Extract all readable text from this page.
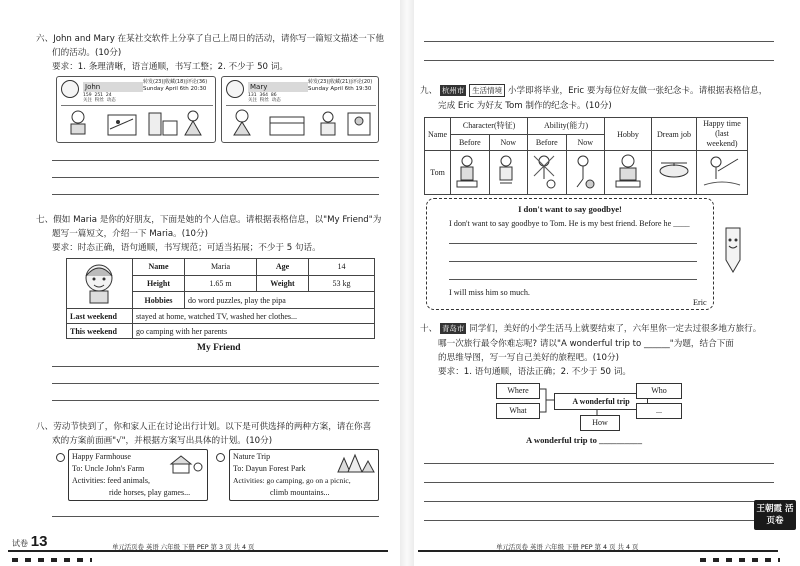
六、John and Mary 在某社交软件上分享了自己上周日的活动，请你写一篇短文描述一下他
们的活动。(10分)
要求：1. 条理清晰，语言通顺，书写工整；2. 不少于 50 词。
John
转发(23)|收藏(18)|评论(36)
Sunday April 6th 20:30
159  251  24
关注  粉丝  动态
Mary
转发(23)|收藏(21)|评论(20)
Sunday April 6th 19:30
131  364  86
关注  粉丝  动态
七、假如 Maria 是你的好朋友，下面是她的个人信息。请根据表格信息，以"My Friend"为
题写一篇短文，介绍一下 Maria。(10分)
要求：时态正确，语句通顺，书写规范；可适当拓展；不少于 5 句话。
	Name	Maria	Age	14
	Height	1.65 m	Weight	53 kg
	Hobbies	do word puzzles, play the pipa		
Last weekend	stayed at home, watched TV, washed her clothes...			
This weekend	go camping with her parents			
My Friend
八、劳动节快到了，你和家人正在讨论出行计划。以下是可供选择的两种方案，请在你喜
欢的方案前面画"√"，并根据方案写出具体的计划。(10分)
Happy Farmhouse
To: Uncle John's Farm
Activities: feed animals,
ride horses, play games...
Nature Trip
To: Dayun Forest Park
Activities: go camping, go on a picnic,
climb mountains...
试卷 13	单元活页卷 英语 六年级 下册 PEP 第 3 页 共 4 页
九、 杭州市 生活情境 小学即将毕业，Eric 要为每位好友做一张纪念卡。请根据表格信息，
完成 Eric 为好友 Tom 制作的纪念卡。(10分)
Name	Character(特征)		Ability(能力)		Hobby	Dream job	Happy time
(last weekend)

	Before	Now	Before	Now			
Tom							
I don't want to say goodbye!
I don't want to say goodbye to Tom. He is my best friend. Before he ____
I will miss him so much.
Eric
十、 青岛市 同学们，美好的小学生活马上就要结束了，六年里你一定去过很多地方旅行。
哪一次旅行最令你难忘呢? 请以"A wonderful trip to ______"为题，结合下面
的思维导图，写一写自己美好的旅程吧。(10分)
要求：1. 语句通顺，语法正确；2. 不少于 50 词。
Where
What
A wonderful trip
Who
...
How
A wonderful trip to __________
单元活页卷 英语 六年级 下册 PEP 第 4 页 共 4 页
王朝霞 活页卷
